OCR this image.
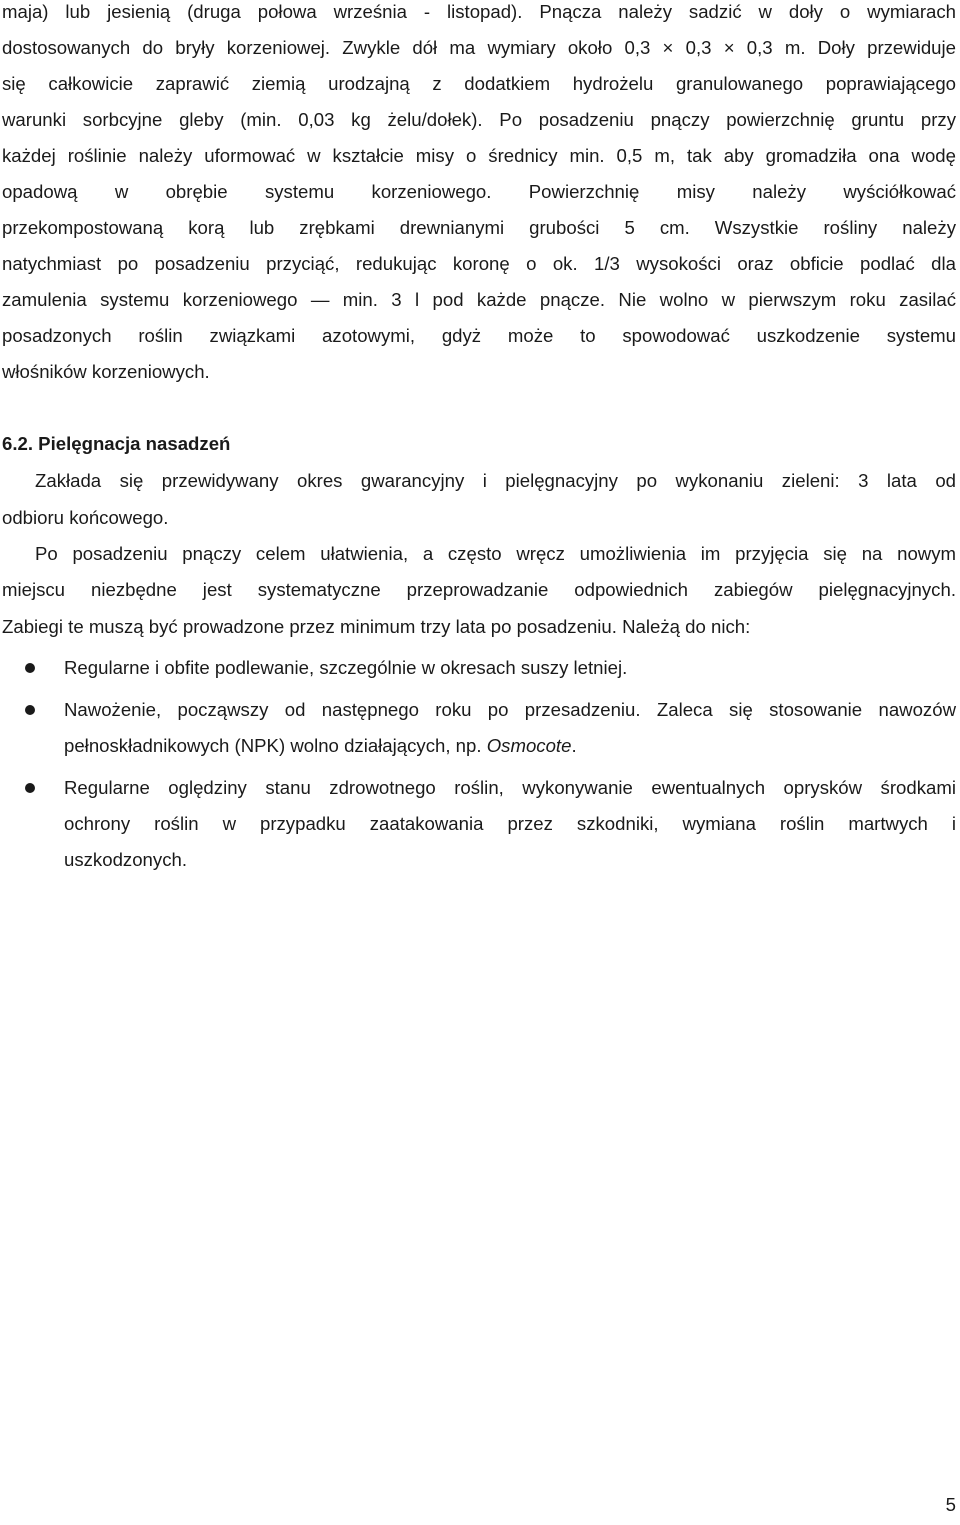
maja) lub jesienią (druga połowa września - listopad). Pnącza należy sadzić w doły o wymiarach
dostosowanych do bryły korzeniowej. Zwykle dół ma wymiary około 0,3 × 0,3 × 0,3 m. Doły przewiduje
się całkowicie zaprawić ziemią urodzajną z dodatkiem hydrożelu granulowanego poprawiającego
warunki sorbcyjne gleby (min. 0,03 kg żelu/dołek). Po posadzeniu pnączy powierzchnię gruntu przy
każdej roślinie należy uformować w kształcie misy o średnicy min. 0,5 m, tak aby gromadziła ona wodę
opadową w obrębie systemu korzeniowego. Powierzchnię misy należy wyściółkować
przekompostowaną korą lub zrębkami drewnianymi grubości 5 cm. Wszystkie rośliny należy
natychmiast po posadzeniu przyciąć, redukując koronę o ok. 1/3 wysokości oraz obficie podlać dla
zamulenia systemu korzeniowego — min. 3 l pod każde pnącze. Nie wolno w pierwszym roku zasilać
posadzonych roślin związkami azotowymi, gdyż może to spowodować uszkodzenie systemu
włośników korzeniowych.
6.2. Pielęgnacja nasadzeń
Zakłada się przewidywany okres gwarancyjny i pielęgnacyjny po wykonaniu zieleni: 3 lata od
odbioru końcowego.
Po posadzeniu pnączy celem ułatwienia, a często wręcz umożliwienia im przyjęcia się na nowym
miejscu niezbędne jest systematyczne przeprowadzanie odpowiednich zabiegów pielęgnacyjnych.
Zabiegi te muszą być prowadzone przez minimum trzy lata po posadzeniu. Należą do nich:
Regularne i obfite podlewanie, szczególnie w okresach suszy letniej.
Nawożenie, począwszy od następnego roku po przesadzeniu. Zaleca się stosowanie nawozów
pełnoskładnikowych (NPK) wolno działających, np. Osmocote.
Regularne oględziny stanu zdrowotnego roślin, wykonywanie ewentualnych oprysków środkami
ochrony roślin w przypadku zaatakowania przez szkodniki, wymiana roślin martwych i
uszkodzonych.
5
